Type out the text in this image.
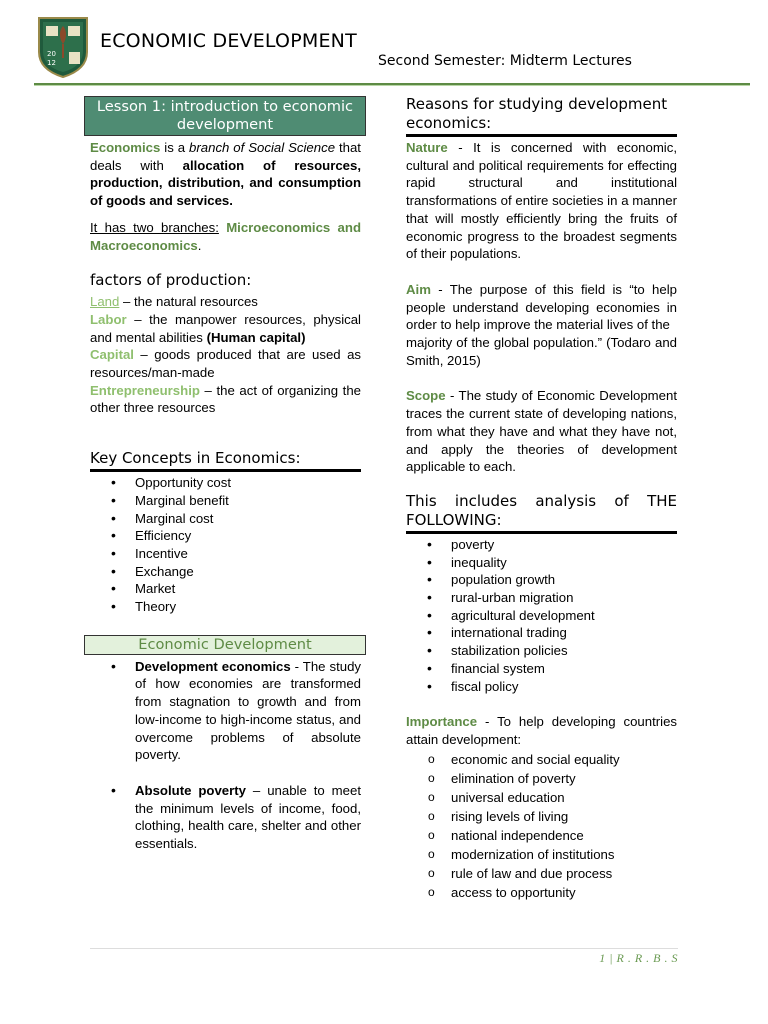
20
12
ECONOMIC DEVELOPMENT
Second Semester: Midterm Lectures
Lesson 1: introduction to economic development

Economics is a branch of Social Science that deals with allocation of resources, production, distribution, and consumption of goods and services.

It has two branches: Microeconomics and Macroeconomics.

factors of production:

Land – the natural resources

Labor – the manpower resources, physical and mental abilities (Human capital)

Capital – goods produced that are used as resources/man-made

Entrepreneurship – the act of organizing the other three resources

Key Concepts in Economics:
• Opportunity cost
• Marginal benefit
• Marginal cost
• Efficiency
• Incentive
• Exchange
• Market
• Theory
Economic Development
• Development economics - The study of how economies are transformed from stagnation to growth and from low-income to high-income status, and overcome problems of absolute poverty.
• Absolute poverty – unable to meet the minimum levels of income, food, clothing, health care, shelter and other essentials.
Reasons for studying development economics:

Nature - It is concerned with economic, cultural and political requirements for effecting rapid structural and institutional transformations of entire societies in a manner that will mostly efficiently bring the fruits of economic progress to the broadest segments of their populations.

Aim - The purpose of this field is “to help people understand developing economies in order to help improve the material lives of the
majority of the global population.” (Todaro and Smith, 2015)

Scope - The study of Economic Development traces the current state of developing nations, from what they have and what they have not, and apply the theories of development applicable to each.

This includes analysis of THE FOLLOWING:
• poverty
• inequality
• population growth
• rural-urban migration
• agricultural development
• international trading
• stabilization policies
• financial system
• fiscal policy

Importance - To help developing countries attain development:

o economic and social equality
o elimination of poverty
o universal education
o rising levels of living
o national independence
o modernization of institutions
o rule of law and due process
o access to opportunity
1 | R . R . B . S
